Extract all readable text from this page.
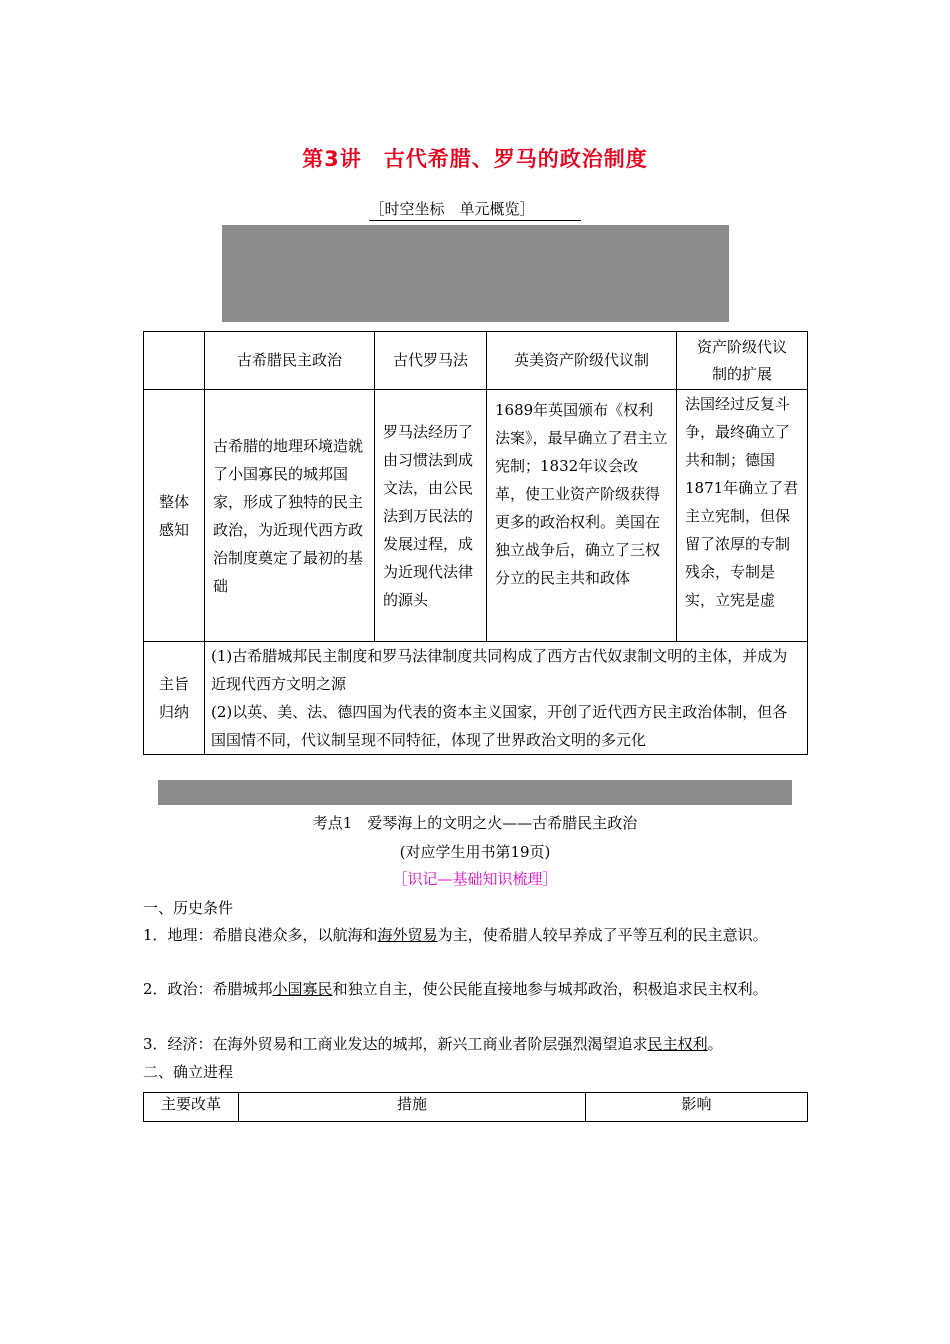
第3讲 古代希腊、罗马的政治制度
［时空坐标　单元概览］
	古希腊民主政治	古代罗马法	英美资产阶级代议制	资产阶级代议
制的扩展
整体
感知	古希腊的地理环境造就了小国寡民的城邦国家，形成了独特的民主政治，为近现代西方政治制度奠定了最初的基础	罗马法经历了由习惯法到成文法，由公民法到万民法的发展过程，成为近现代法律的源头	1689年英国颁布《权利法案》，最早确立了君主立宪制；1832年议会改革，使工业资产阶级获得更多的政治权利。美国在独立战争后，确立了三权分立的民主共和政体	法国经过反复斗争，最终确立了共和制；德国1871年确立了君主立宪制，但保留了浓厚的专制残余，专制是实，立宪是虚
主旨
归纳	(1)古希腊城邦民主制度和罗马法律制度共同构成了西方古代奴隶制文明的主体，并成为近现代西方文明之源
(2)以英、美、法、德四国为代表的资本主义国家，开创了近代西方民主政治体制，但各国国情不同，代议制呈现不同特征，体现了世界政治文明的多元化			
考点1　爱琴海上的文明之火——古希腊民主政治
(对应学生用书第19页)
［识记—基础知识梳理］
一、历史条件
1．地理：希腊良港众多，以航海和海外贸易为主，使希腊人较早养成了平等互利的民主意识。
2．政治：希腊城邦小国寡民和独立自主，使公民能直接地参与城邦政治，积极追求民主权利。
3．经济：在海外贸易和工商业发达的城邦，新兴工商业者阶层强烈渴望追求民主权利。
二、确立进程
主要改革	措施	影响
